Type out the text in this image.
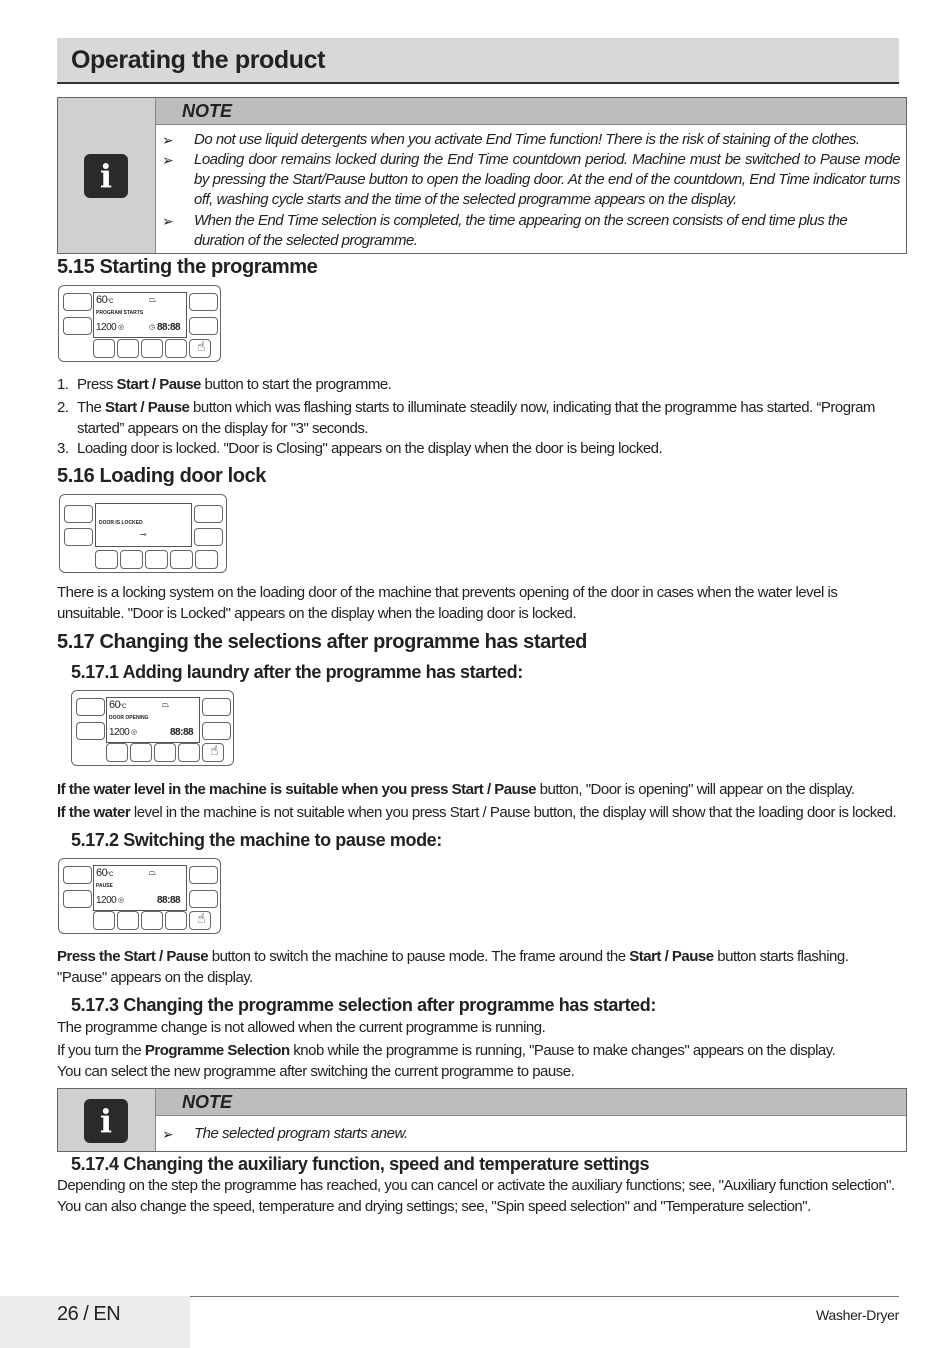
Operating the product
i
NOTE
➢ Do not use liquid detergents when you activate End Time function! There is the risk of staining of the clothes.
➢ Loading door remains locked during the End Time countdown period. Machine must be switched to Pause mode by pressing the Start/Pause button to open the loading door. At the end of the countdown, End Time indicator turns off, washing cycle starts and the time of the selected programme appears on the display.
➢ When the End Time selection is completed, the time appearing on the screen consists of end time plus the duration of the selected programme.
5.15 Starting the programme
60°C	⏢
PROGRAM STARTS
1200 ◎	◷ 88:88
☝
1. Press Start / Pause button to start the programme.
2. The Start / Pause button which was flashing starts to illuminate steadily now, indicating that the programme has started. “Program started” appears on the display for "3" seconds.
3. Loading door is locked. "Door is Closing" appears on the display when the door is being locked.
5.16 Loading door lock
DOOR IS LOCKED
⊸
There is a locking system on the loading door of the machine that prevents opening of the door in cases when the water level is unsuitable. "Door is Locked" appears on the display when the loading door is locked.
5.17 Changing the selections after programme has started
5.17.1 Adding laundry after the programme has started:
60°C	⏢
DOOR OPENING
1200 ◎	88:88
☝
If the water level in the machine is suitable when you press Start / Pause button, "Door is opening" will appear on the display.
If the water level in the machine is not suitable when you press Start / Pause button, the display will show that the loading door is locked.
5.17.2 Switching the machine to pause mode:
60°C	⏢
PAUSE
1200 ◎	88:88
☝
Press the Start / Pause button to switch the machine to pause mode. The frame around the Start / Pause button starts flashing. "Pause" appears on the display.
5.17.3 Changing the programme selection after programme has started:
The programme change is not allowed when the current programme is running.
If you turn the Programme Selection knob while the programme is running, "Pause to make changes" appears on the display.
You can select the new programme after switching the current programme to pause.
i	NOTE
➢ The selected program starts anew.
5.17.4 Changing the auxiliary function, speed and temperature settings
Depending on the step the programme has reached, you can cancel or activate the auxiliary functions; see, "Auxiliary function selection".
You can also change the speed, temperature and drying settings; see, "Spin speed selection" and "Temperature selection".
26 / EN	Washer-Dryer
